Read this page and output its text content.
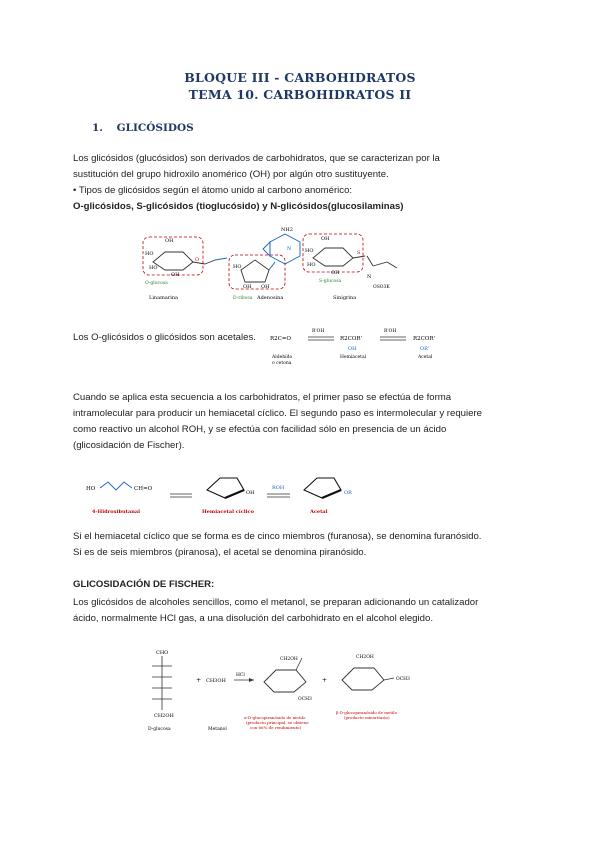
BLOQUE III - CARBOHIDRATOS
TEMA 10. CARBOHIDRATOS II
1. GLICÓSIDOS

Los glicósidos (glucósidos) son derivados de carbohidratos, que se caracterizan por la

sustitución del grupo hidroxilo anomérico (OH) por algún otro sustituyente.

• Tipos de glicósidos según el átomo unido al carbono anomérico:

O-glicósidos, S-glicósidos (tioglucósido) y N-glicósidos(glucosilaminas)

OH
HO
HO
OH
O
O-glucosa
Linamarina
NH2
N
HO
OH OH
D-ribosa Adenosina
OH
HO
HO
OH
S
N
OSO3K
S-glucosa
Sinigrina

Los O-glicósidos o glicósidos son acetales.	R2C=O
R'OH
R2COR'
OH
R'OH
R2COR'
OR'
Aldehído
o cetona
Hemiacetal	Acetal

Cuando se aplica esta secuencia a los carbohidratos, el primer paso se efectúa de forma

intramolecular para producir un hemiacetal cíclico. El segundo paso es intermolecular y requiere

como reactivo un alcohol ROH, y se efectúa con facilidad sólo en presencia de un ácido

(glicosidación de Fischer).

HO	CH=O
OH
ROH
OR
4-Hidroxibutanal	Hemiacetal cíclico	Acetal

Si el hemiacetal cíclico que se forma es de cinco miembros (furanosa), se denomina furanósido.

Si es de seis miembros (piranosa), el acetal se denomina piranósido.

GLICOSIDACIÓN DE FISCHER:

Los glicósidos de alcoholes sencillos, como el metanol, se preparan adicionando un catalizador

ácido, normalmente HCl gas, a una disolución del carbohidrato en el alcohol elegido.

CHO
CH2OH
D-glucosa
+ CH3OH
Metanol
HCl
OCH3
CH2OH
α-D-glucopiranósido de metilo
(producto principal, se obtiene
con 66% de rendimiento)
+	OCH3
CH2OH
β-D-glucopiranósido de metilo
(producto minoritario)
